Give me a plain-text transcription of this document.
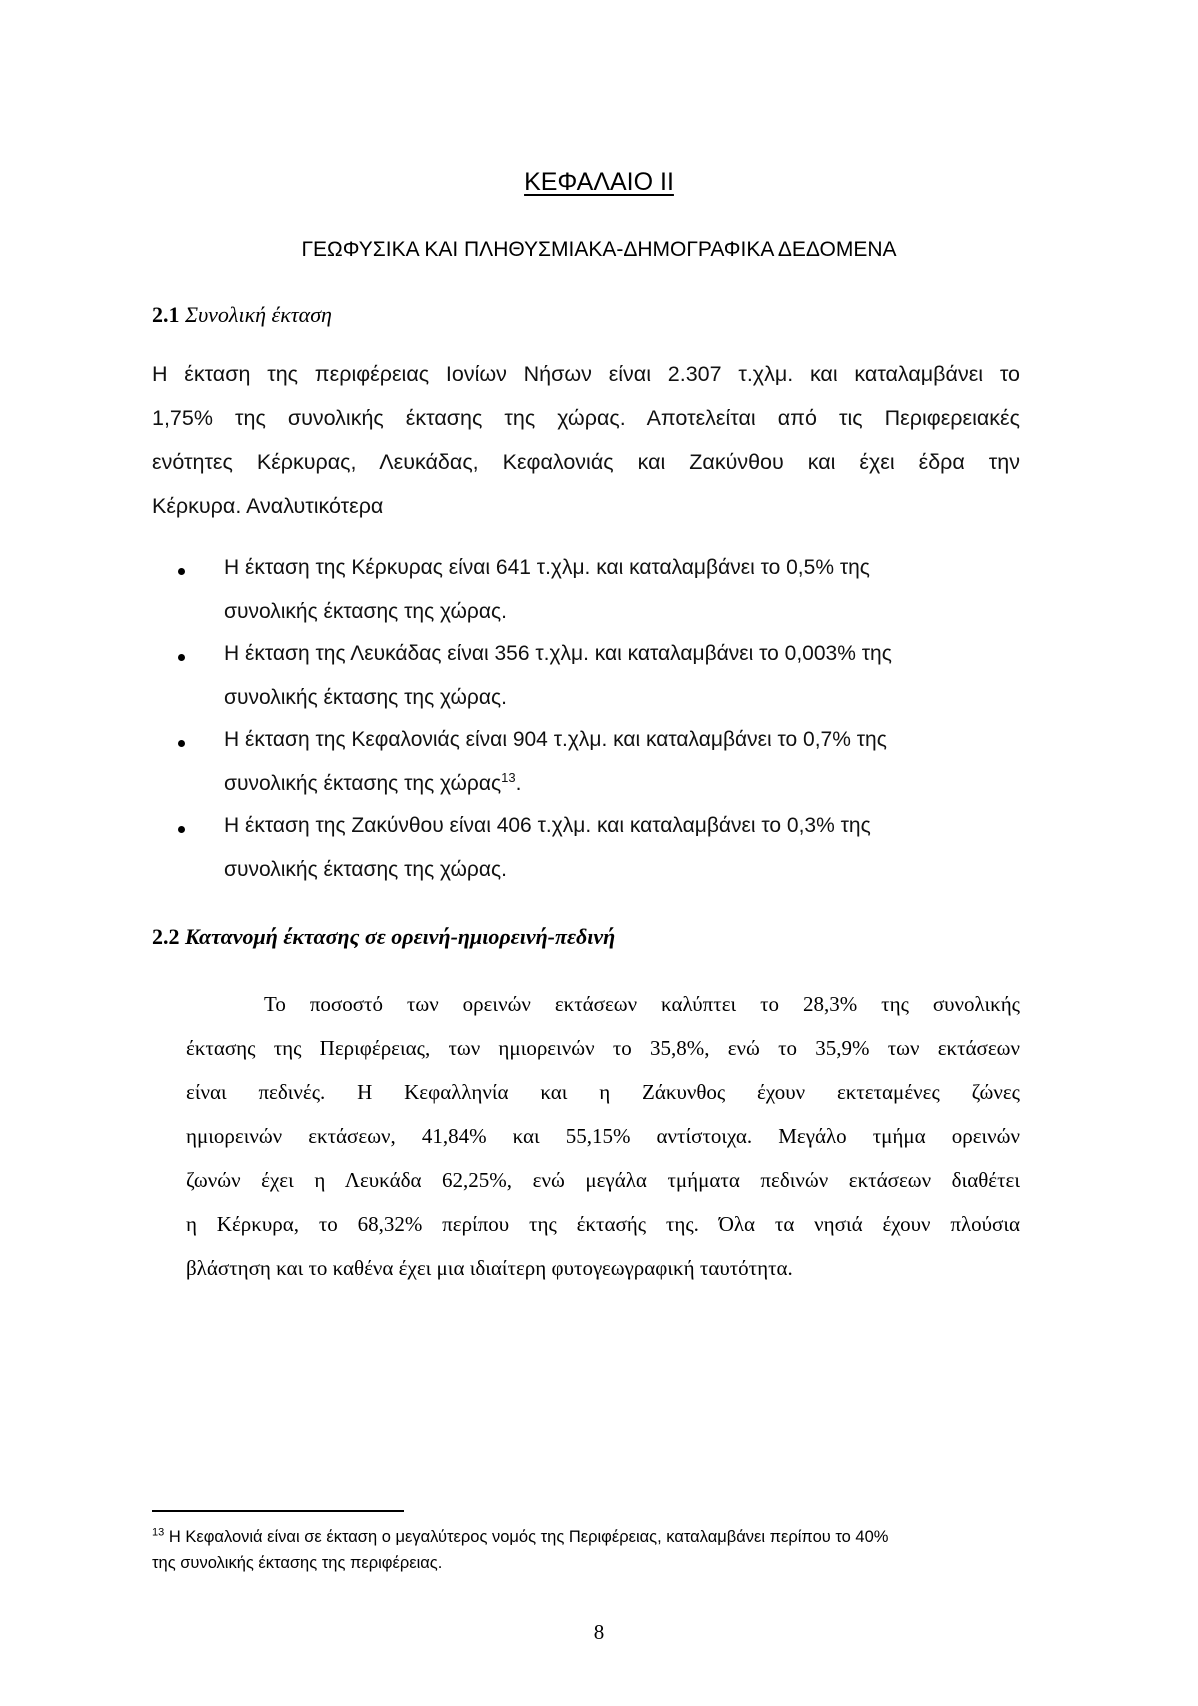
ΚΕΦΑΛΑΙΟ II
ΓΕΩΦΥΣΙΚΑ ΚΑΙ ΠΛΗΘΥΣΜΙΑΚΑ-ΔΗΜΟΓΡΑΦΙΚΑ ΔΕΔΟΜΕΝΑ
2.1 Συνολική έκταση
Η έκταση της περιφέρειας Ιονίων Νήσων είναι 2.307 τ.χλμ. και καταλαμβάνει το
1,75% της συνολικής έκτασης της χώρας. Αποτελείται από τις Περιφερειακές
ενότητες Κέρκυρας, Λευκάδας, Κεφαλονιάς και Ζακύνθου και έχει έδρα την
Κέρκυρα. Αναλυτικότερα
Η έκταση της Κέρκυρας είναι 641 τ.χλμ. και καταλαμβάνει το 0,5% της
συνολικής έκτασης της χώρας.
Η έκταση της Λευκάδας είναι 356 τ.χλμ. και καταλαμβάνει το 0,003% της
συνολικής έκτασης της χώρας.
Η έκταση της Κεφαλονιάς είναι 904 τ.χλμ. και καταλαμβάνει το 0,7% της
συνολικής έκτασης της χώρας$^{13}$.
Η έκταση της Ζακύνθου είναι 406 τ.χλμ. και καταλαμβάνει το 0,3% της
συνολικής έκτασης της χώρας.
2.2 Κατανομή έκτασης σε ορεινή-ημιορεινή-πεδινή
Το ποσοστό των ορεινών εκτάσεων καλύπτει το 28,3% της συνολικής
έκτασης της Περιφέρειας, των ημιορεινών το 35,8%, ενώ το 35,9% των εκτάσεων
είναι πεδινές. Η Κεφαλληνία και η Ζάκυνθος έχουν εκτεταμένες ζώνες
ημιορεινών εκτάσεων, 41,84% και 55,15% αντίστοιχα. Μεγάλο τμήμα ορεινών
ζωνών έχει η Λευκάδα 62,25%, ενώ μεγάλα τμήματα πεδινών εκτάσεων διαθέτει
η Κέρκυρα, το 68,32% περίπου της έκτασής της. Όλα τα νησιά έχουν πλούσια
βλάστηση και το καθένα έχει μια ιδιαίτερη φυτογεωγραφική ταυτότητα.
$^{13}$ Η Κεφαλονιά είναι σε έκταση ο μεγαλύτερος νομός της Περιφέρειας, καταλαμβάνει περίπου το 40%
της συνολικής έκτασης της περιφέρειας.
8
